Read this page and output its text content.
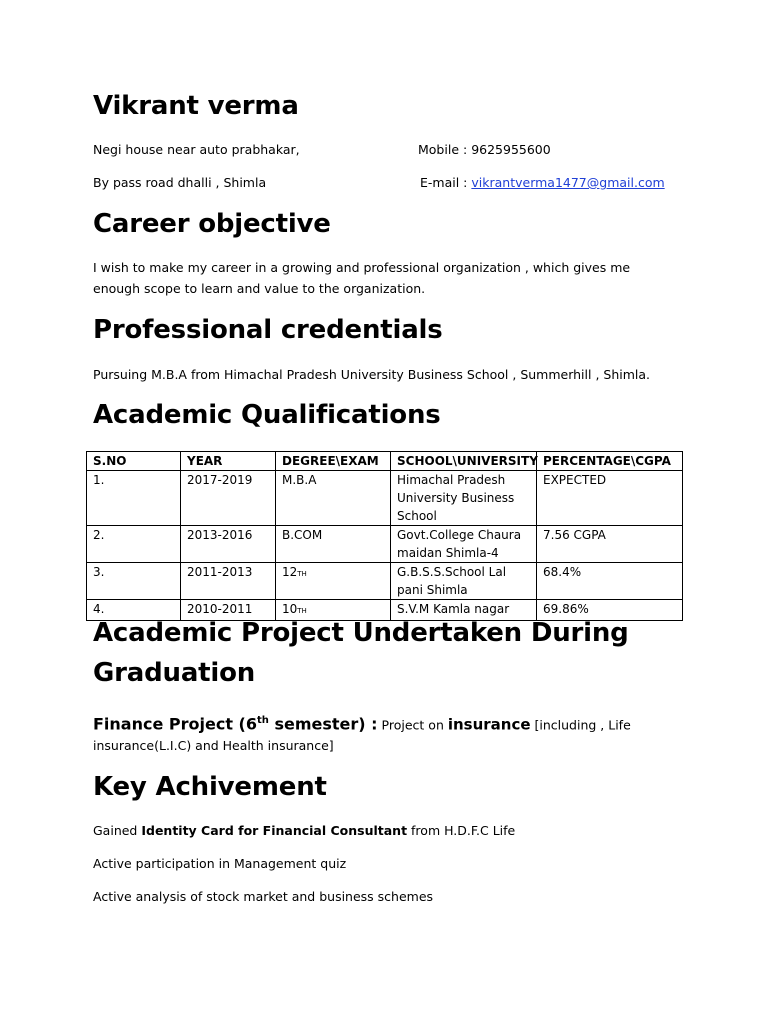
Vikrant verma
Negi house near auto prabhakar,
By pass road dhalli , Shimla
Mobile : 9625955600
E-mail : vikrantverma1477@gmail.com
Career objective
I wish to make my career in a growing and professional organization , which gives me
enough scope to learn and value to the organization.
Professional credentials
Pursuing M.B.A from Himachal Pradesh University Business School , Summerhill , Shimla.
Academic Qualifications
S.NO	YEAR	DEGREE\EXAM	SCHOOL\UNIVERSITY	PERCENTAGE\CGPA
1.	2017-2019	M.B.A	Himachal Pradesh University Business School	EXPECTED
2.	2013-2016	B.COM	Govt.College Chaura maidan Shimla-4	7.56 CGPA
3.	2011-2013	12TH	G.B.S.S.School Lal pani Shimla	68.4%
4.	2010-2011	10TH	S.V.M Kamla nagar	69.86%
Academic Project Undertaken During
Graduation
Finance Project (6th semester) : Project on insurance [including , Life
insurance(L.I.C) and Health insurance]
Key Achivement
Gained Identity Card for Financial Consultant from H.D.F.C Life
Active participation in Management quiz
Active analysis of stock market and business schemes
